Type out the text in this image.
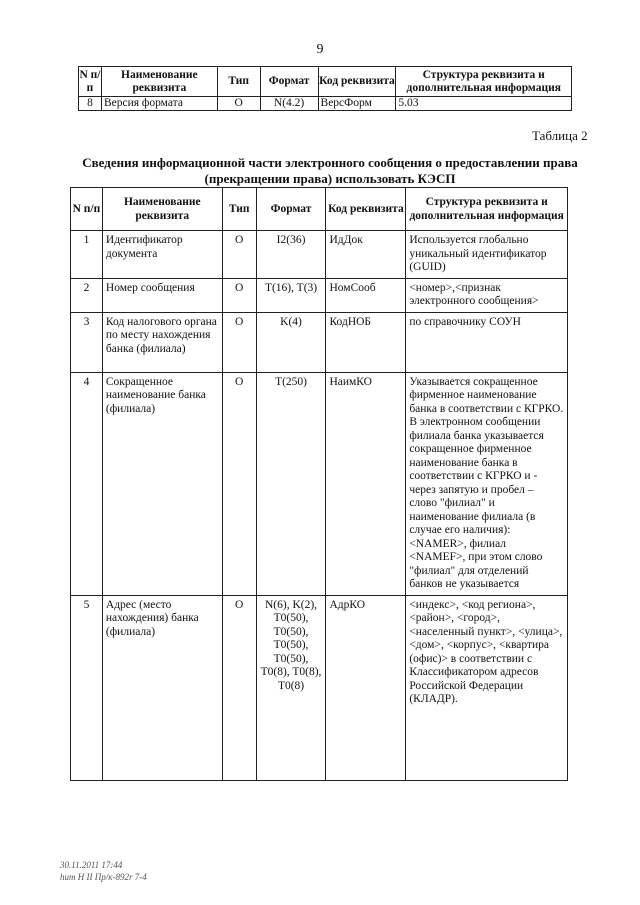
9
N п/п	Наименование реквизита	Тип	Формат	Код реквизита	Структура реквизита и дополнительная информация
8	Версия формата	О	N(4.2)	ВерсФорм	5.03
Таблица 2
Сведения информационной части электронного сообщения о предоставлении права (прекращении права) использовать КЭСП
N п/п	Наименование реквизита	Тип	Формат	Код реквизита	Структура реквизита и дополнительная информация
1	Идентификатор документа	О	I2(36)	ИдДок	Используется глобально уникальный идентификатор (GUID)
2	Номер сообщения	О	T(16), T(3)	НомСооб	<номер>,<признак электронного сообщения>
3	Код налогового органа по месту нахождения банка (филиала)	О	K(4)	КодНОБ	по справочнику СОУН
4	Сокращенное наименование банка (филиала)	О	T(250)	НаимКО	Указывается сокращенное фирменное наименование банка в соответствии с КГРКО. В электронном сообщении филиала банка указывается сокращенное фирменное наименование банка в соответствии с КГРКО и - через запятую и пробел – слово "филиал" и наименование филиала (в случае его наличия): <NAMER>, филиал <NAMEF>, при этом слово "филиал" для отделений банков не указывается
5	Адрес (место нахождения) банка (филиала)	О	N(6), K(2), T0(50), T0(50), T0(50), T0(50), T0(8), T0(8), T0(8)	АдрКО	<индекс>, <код региона>, <район>, <город>, <населенный пункт>, <улица>, <дом>, <корпус>, <квартира (офис)> в соответствии с Классификатором адресов Российской Федерации (КЛАДР).
30.11.2011 17:44
hum H II Пр/к-892r 7-4
